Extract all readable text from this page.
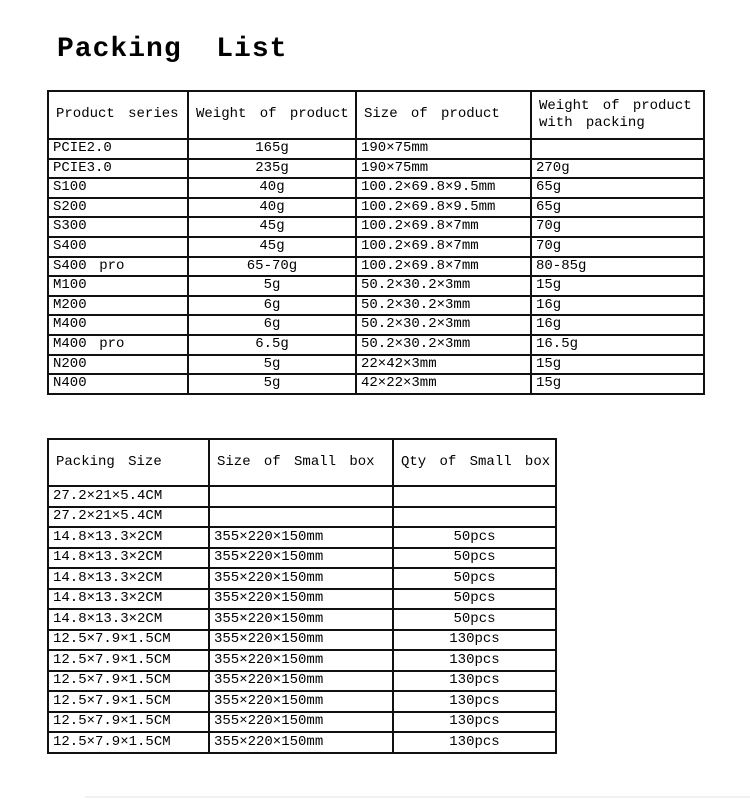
Packing List
Product series	Weight of product	Size of product	Weight of product with packing
PCIE2.0	165g	190×75mm	
PCIE3.0	235g	190×75mm	270g
S100	40g	100.2×69.8×9.5mm	65g
S200	40g	100.2×69.8×9.5mm	65g
S300	45g	100.2×69.8×7mm	70g
S400	45g	100.2×69.8×7mm	70g
S400 pro	65-70g	100.2×69.8×7mm	80-85g
M100	5g	50.2×30.2×3mm	15g
M200	6g	50.2×30.2×3mm	16g
M400	6g	50.2×30.2×3mm	16g
M400 pro	6.5g	50.2×30.2×3mm	16.5g
N200	5g	22×42×3mm	15g
N400	5g	42×22×3mm	15g
Packing Size	Size of Small box	Qty of Small box
27.2×21×5.4CM		
27.2×21×5.4CM		
14.8×13.3×2CM	355×220×150mm	50pcs
14.8×13.3×2CM	355×220×150mm	50pcs
14.8×13.3×2CM	355×220×150mm	50pcs
14.8×13.3×2CM	355×220×150mm	50pcs
14.8×13.3×2CM	355×220×150mm	50pcs
12.5×7.9×1.5CM	355×220×150mm	130pcs
12.5×7.9×1.5CM	355×220×150mm	130pcs
12.5×7.9×1.5CM	355×220×150mm	130pcs
12.5×7.9×1.5CM	355×220×150mm	130pcs
12.5×7.9×1.5CM	355×220×150mm	130pcs
12.5×7.9×1.5CM	355×220×150mm	130pcs
